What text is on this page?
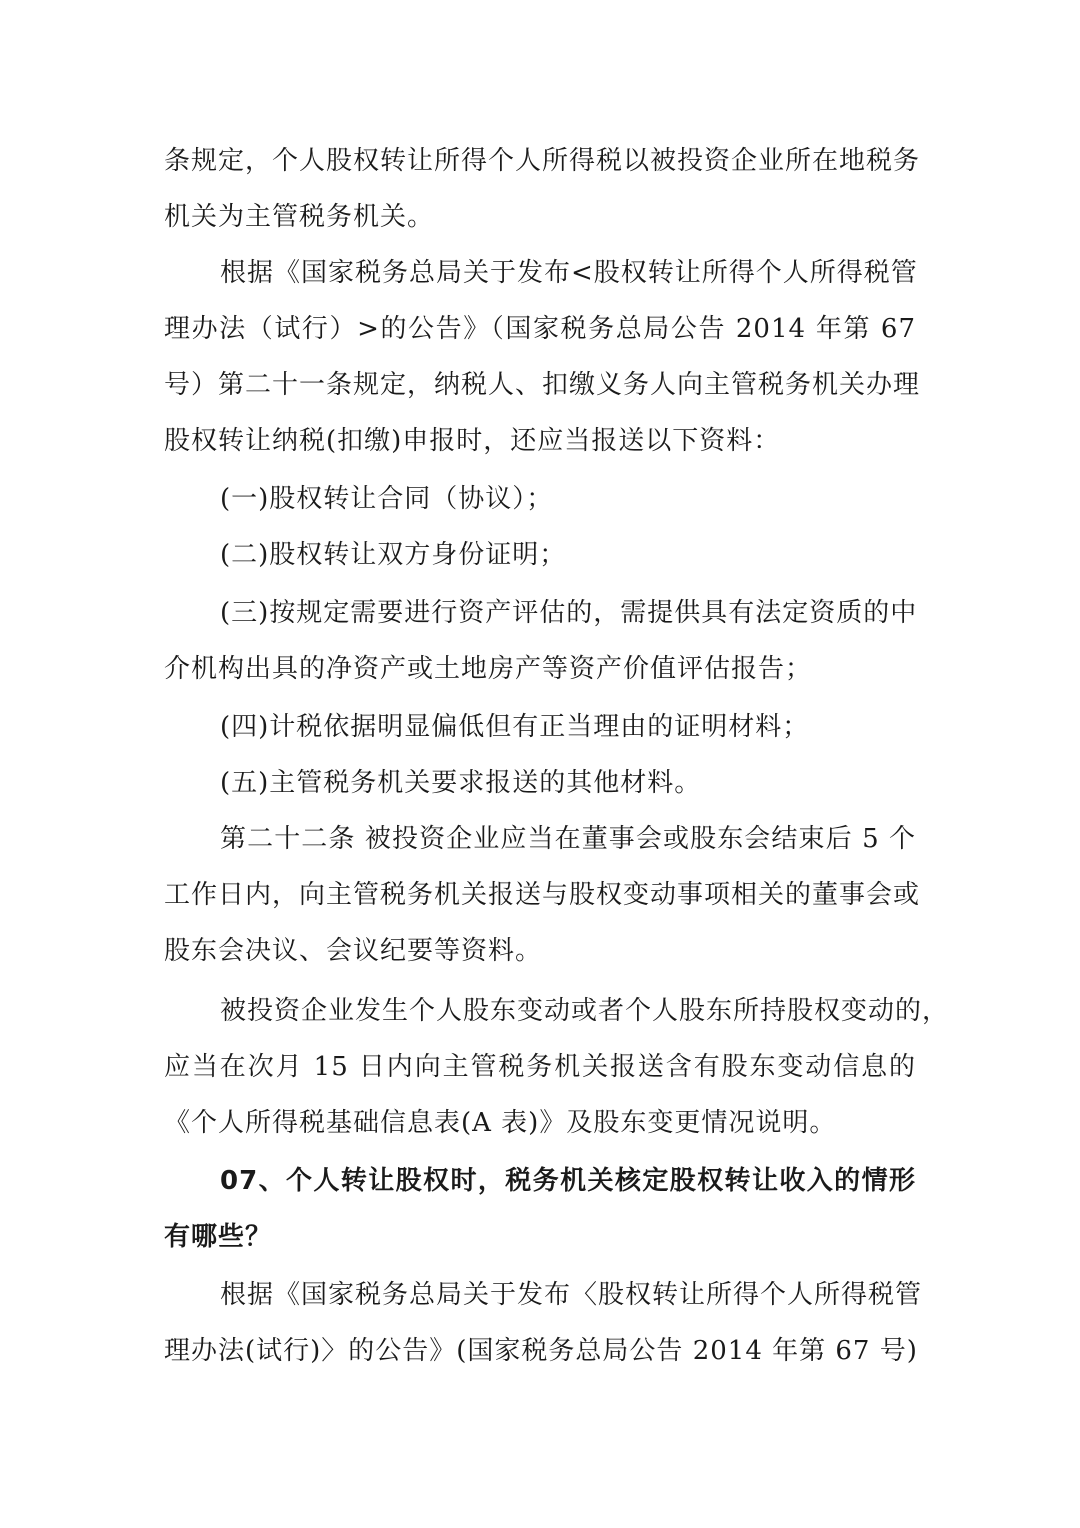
条规定，个人股权转让所得个人所得税以被投资企业所在地税务
机关为主管税务机关。
根据《国家税务总局关于发布<股权转让所得个人所得税管
理办法（试行）>的公告》（国家税务总局公告 2014 年第 67
号）第二十一条规定，纳税人、扣缴义务人向主管税务机关办理
股权转让纳税(扣缴)申报时，还应当报送以下资料：
(一)股权转让合同（协议）；
(二)股权转让双方身份证明；
(三)按规定需要进行资产评估的，需提供具有法定资质的中
介机构出具的净资产或土地房产等资产价值评估报告；
(四)计税依据明显偏低但有正当理由的证明材料；
(五)主管税务机关要求报送的其他材料。
第二十二条 被投资企业应当在董事会或股东会结束后 5 个
工作日内，向主管税务机关报送与股权变动事项相关的董事会或
股东会决议、会议纪要等资料。
被投资企业发生个人股东变动或者个人股东所持股权变动的，
应当在次月 15 日内向主管税务机关报送含有股东变动信息的
《个人所得税基础信息表(A 表)》及股东变更情况说明。
07、个人转让股权时，税务机关核定股权转让收入的情形
有哪些？
根据《国家税务总局关于发布〈股权转让所得个人所得税管
理办法(试行)〉的公告》(国家税务总局公告 2014 年第 67 号)
